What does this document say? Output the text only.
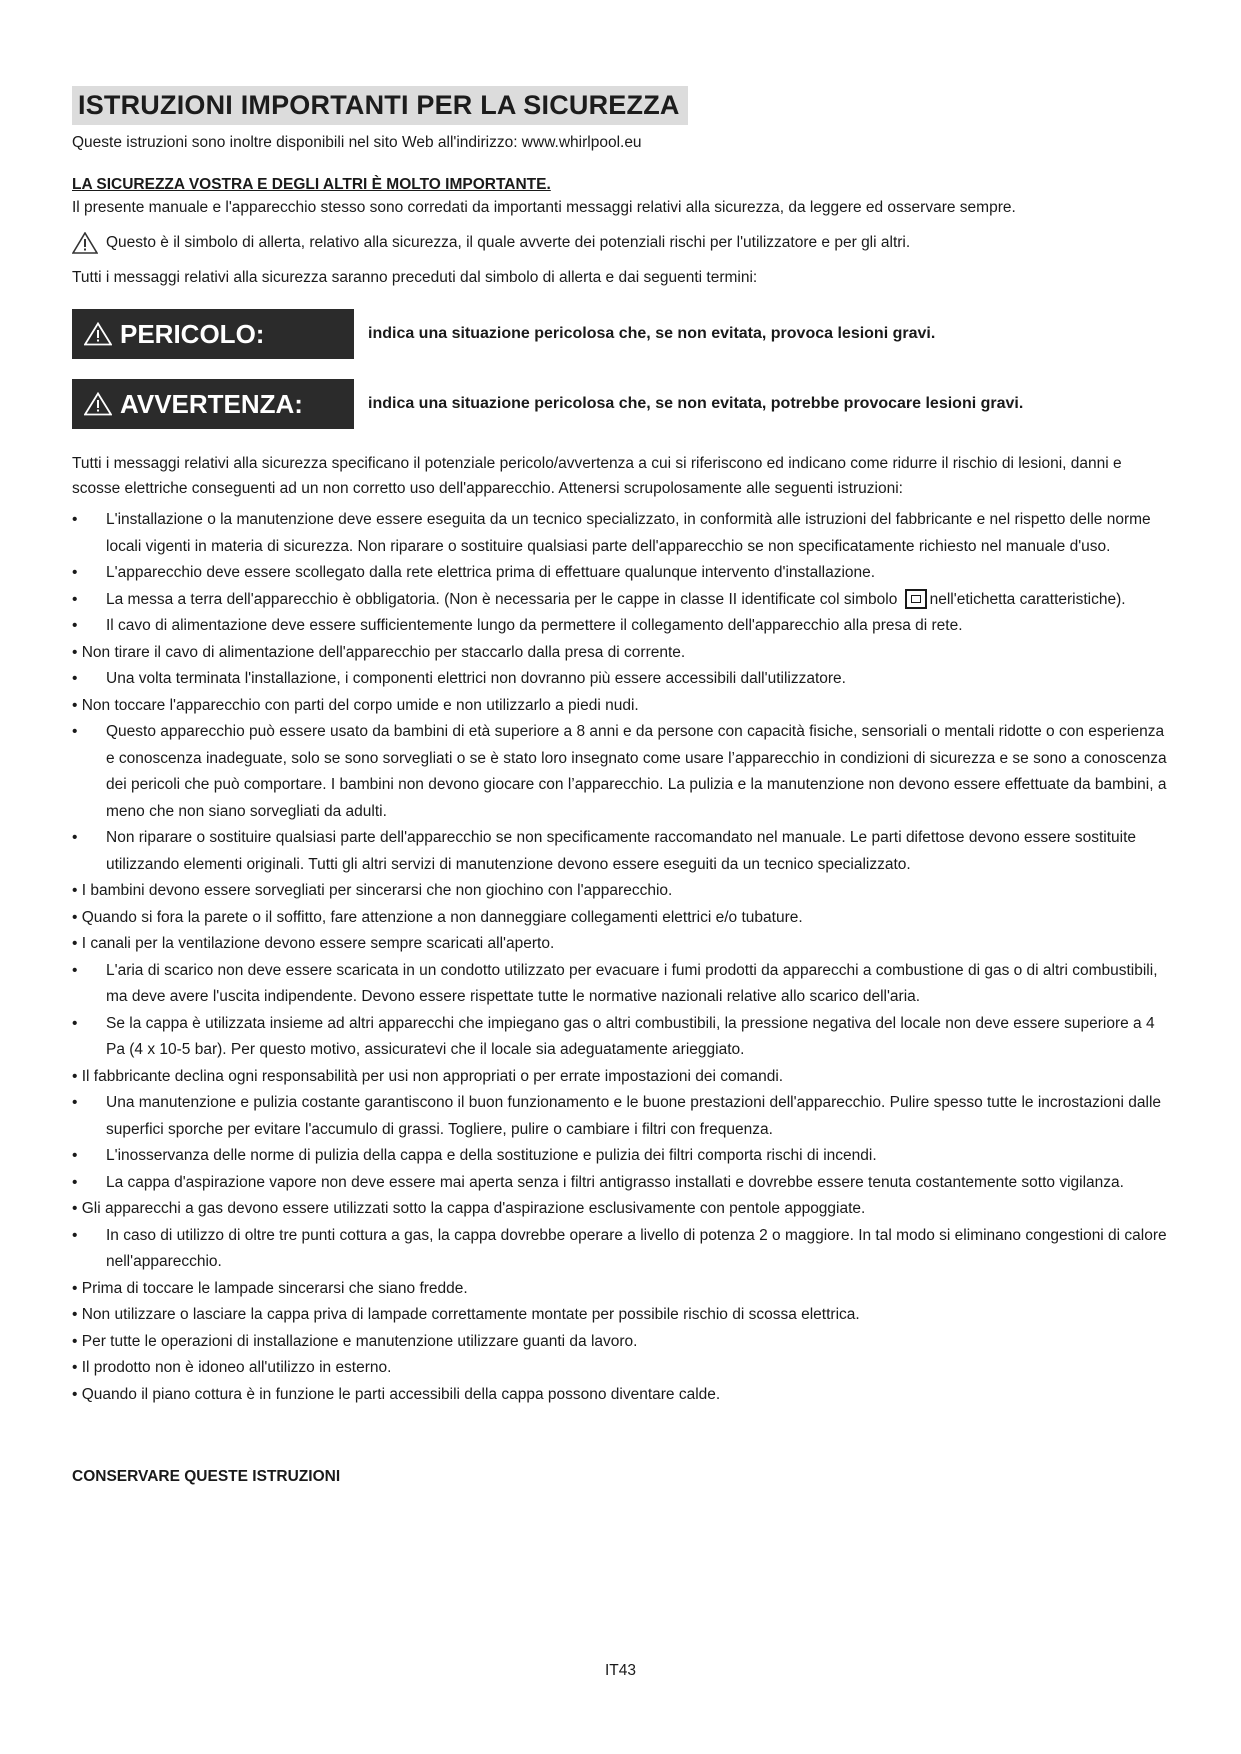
ISTRUZIONI IMPORTANTI PER LA SICUREZZA
Queste istruzioni sono inoltre disponibili nel sito Web all'indirizzo: www.whirlpool.eu
LA SICUREZZA VOSTRA E DEGLI ALTRI È MOLTO IMPORTANTE.
Il presente manuale e l'apparecchio stesso sono corredati da importanti messaggi relativi alla sicurezza, da leggere ed osservare sempre.
Questo è il simbolo di allerta, relativo alla sicurezza, il quale avverte dei potenziali rischi per l'utilizzatore e per gli altri.
Tutti i messaggi relativi alla sicurezza saranno preceduti dal simbolo di allerta e dai seguenti termini:
PERICOLO:	indica una situazione pericolosa che, se non evitata, provoca lesioni gravi.
AVVERTENZA:	indica una situazione pericolosa che, se non evitata, potrebbe provocare lesioni gravi.
Tutti i messaggi relativi alla sicurezza specificano il potenziale pericolo/avvertenza a cui si riferiscono ed indicano come ridurre il rischio di lesioni, danni e scosse elettriche conseguenti ad un non corretto uso dell'apparecchio. Attenersi scrupolosamente alle seguenti istruzioni:
• L'installazione o la manutenzione deve essere eseguita da un tecnico specializzato, in conformità alle istruzioni del fabbricante e nel rispetto delle norme locali vigenti in materia di sicurezza. Non riparare o sostituire qualsiasi parte dell'apparecchio se non specificatamente richiesto nel manuale d'uso.
• L'apparecchio deve essere scollegato dalla rete elettrica prima di effettuare qualunque intervento d'installazione.
• La messa a terra dell'apparecchio è obbligatoria. (Non è necessaria per le cappe in classe II identificate col simbolo nell'etichetta caratteristiche).
• Il cavo di alimentazione deve essere sufficientemente lungo da permettere il collegamento dell'apparecchio alla presa di rete.
• Non tirare il cavo di alimentazione dell'apparecchio per staccarlo dalla presa di corrente.
• Una volta terminata l'installazione, i componenti elettrici non dovranno più essere accessibili dall'utilizzatore.
• Non toccare l'apparecchio con parti del corpo umide e non utilizzarlo a piedi nudi.
• Questo apparecchio può essere usato da bambini di età superiore a 8 anni e da persone con capacità fisiche, sensoriali o mentali ridotte o con esperienza e conoscenza inadeguate, solo se sono sorvegliati o se è stato loro insegnato come usare l’apparecchio in condizioni di sicurezza e se sono a conoscenza dei pericoli che può comportare. I bambini non devono giocare con l’apparecchio. La pulizia e la manutenzione non devono essere effettuate da bambini, a meno che non siano sorvegliati da adulti.
• Non riparare o sostituire qualsiasi parte dell'apparecchio se non specificamente raccomandato nel manuale. Le parti difettose devono essere sostituite utilizzando elementi originali. Tutti gli altri servizi di manutenzione devono essere eseguiti da un tecnico specializzato.
• I bambini devono essere sorvegliati per sincerarsi che non giochino con l'apparecchio.
• Quando si fora la parete o il soffitto, fare attenzione a non danneggiare collegamenti elettrici e/o tubature.
• I canali per la ventilazione devono essere sempre scaricati all'aperto.
• L'aria di scarico non deve essere scaricata in un condotto utilizzato per evacuare i fumi prodotti da apparecchi a combustione di gas o di altri combustibili, ma deve avere l'uscita indipendente. Devono essere rispettate tutte le normative nazionali relative allo scarico dell'aria.
• Se la cappa è utilizzata insieme ad altri apparecchi che impiegano gas o altri combustibili, la pressione negativa del locale non deve essere superiore a 4 Pa (4 x 10-5 bar). Per questo motivo, assicuratevi che il locale sia adeguatamente arieggiato.
• Il fabbricante declina ogni responsabilità per usi non appropriati o per errate impostazioni dei comandi.
• Una manutenzione e pulizia costante garantiscono il buon funzionamento e le buone prestazioni dell'apparecchio. Pulire spesso tutte le incrostazioni dalle superfici sporche per evitare l'accumulo di grassi. Togliere, pulire o cambiare i filtri con frequenza.
• L'inosservanza delle norme di pulizia della cappa e della sostituzione e pulizia dei filtri comporta rischi di incendi.
• La cappa d'aspirazione vapore non deve essere mai aperta senza i filtri antigrasso installati e dovrebbe essere tenuta costantemente sotto vigilanza.
• Gli apparecchi a gas devono essere utilizzati sotto la cappa d'aspirazione esclusivamente con pentole appoggiate.
• In caso di utilizzo di oltre tre punti cottura a gas, la cappa dovrebbe operare a livello di potenza 2 o maggiore. In tal modo si eliminano congestioni di calore nell'apparecchio.
• Prima di toccare le lampade sincerarsi che siano fredde.
• Non utilizzare o lasciare la cappa priva di lampade correttamente montate per possibile rischio di scossa elettrica.
• Per tutte le operazioni di installazione e manutenzione utilizzare guanti da lavoro.
• Il prodotto non è idoneo all'utilizzo in esterno.
• Quando il piano cottura è in funzione le parti accessibili della cappa possono diventare calde.
CONSERVARE QUESTE ISTRUZIONI
IT43
